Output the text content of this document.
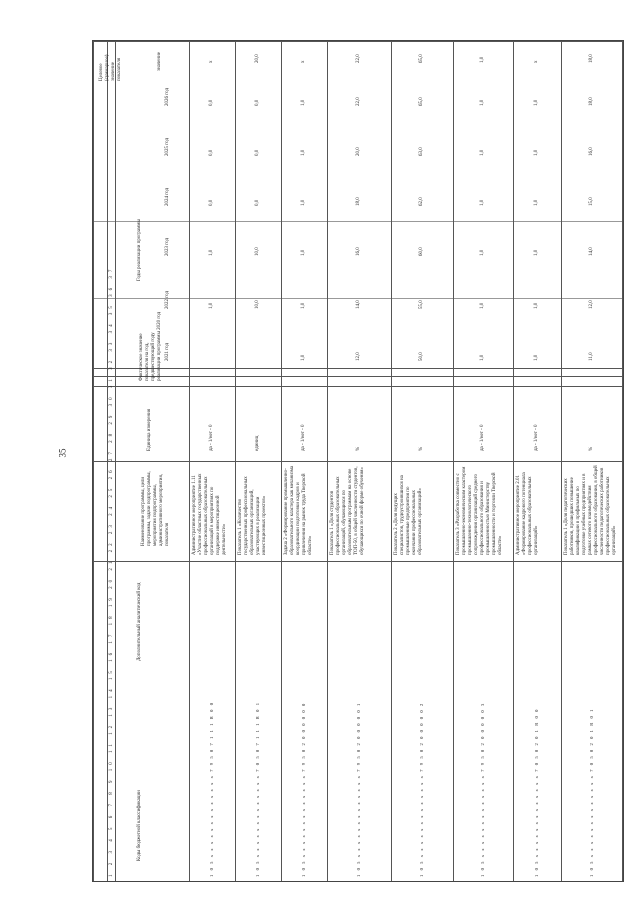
35
Коды бюджетной классификации
Дополнительный аналитический код
Наименование программы, цели программы, задачи подпрограммы, мероприятия подпрограммы, административного мероприятия, показателя
Единица измерения
Фактическое значение показателя на год, предшествующий году реализации программы 2020 год
Годы реализации программы
Целевое (суммарное) значение показателя	значение
2021 год
2022 год
2023 год
2024 год
2025 год
2026 год
1 2 3 4 5 6 7 8 9 10 11 12 13 14 15 16 17 18 19 20 21 22 23 24 25 26 27 28 29 30 31 32 33 34 35 36 37	1 0 5 x x x x x x x x x x x x x 7 9 5 0 7 1 1 1 R 0 0
Административное мероприятие 1.11 «Участие областных государственных профессиональных образовательных организаций в мероприятиях по поддержке инвестиционной деятельности»
да - 1/нет - 0
1,0
1,0
0,0
0,0
0,0
x
1 0 5 x x x x x x x x x x x x x 7 0 5 0 7 1 1 1 R 0 1
Показатель 1 «Количество государственных профессиональных образовательных организаций, участвующих в реализации инвестиционных проектов»
единиц
10,0
10,0
0,0
0,0
0,0
20,0
1 0 5 x x x x x x x x x x x x x 7 9 5 0 2 0 0 0 0 0 0
Задача 2 «Формирование промышленно-образовательного кластера как механизма координации подготовки кадров и привлечения на рынок труда Тверской области»
да - 1/нет - 0
1,0
1,0
1,0
1,0
1,0
1,0
x
1 0 5 x x x x x x x x x x x x x 7 9 5 0 2 0 0 0 0 0 1
Показатель 1 «Доля студентов профессиональных образовательных организаций, обучающихся по образовательным программам на основе ТОП-50, в общей численности студентов, обучающихся по очной форме обучения»
%
12,0
14,0
16,0
18,0
20,0
22,0
22,0
1 0 5 x x x x x x x x x x x x x 7 9 5 0 2 0 0 0 0 0 2
Показатель 2 «Доля ведущих специалистов, трудоустроившихся на промышленные предприятия по окончании профессиональных образовательных организаций»
%
50,0
55,0
60,0
62,0
63,0
65,0
65,0
1 0 5 x x x x x x x x x x x x x 7 9 5 0 2 0 0 0 0 0 3
Показатель 3 «Разработка совместно с промышленно-экономическим кластером промышленно-технологического сопровождения организаций среднего профессионального образования и промышленностью Министерству промышленности и торговли Тверской области»
да - 1/нет - 0
1,0
1,0
1,0
1,0
1,0
1,0
1,0
1 0 5 x x x x x x x x x x x x x 7 0 5 0 2 0 1 R 0 0
Административное мероприятие 2.01 «Формирование кадрового потенциала профессиональных образовательных организаций»
да - 1/нет - 0
1,0
1,0
1,0
1,0
1,0
1,0
x
1 0 5 x x x x x x x x x x x x x 7 0 5 0 2 0 1 R 0 1
Показатель 1 «Доля педагогических работников, прошедших повышение квалификации в профильных по подготовке учебных предприятиях и в рамках сетевого взаимодействия профессионального образования, в общей численности педагогических работников профессиональных образовательных организаций»
%
11,0
12,0
14,0
15,0
16,0
18,0
18,0
